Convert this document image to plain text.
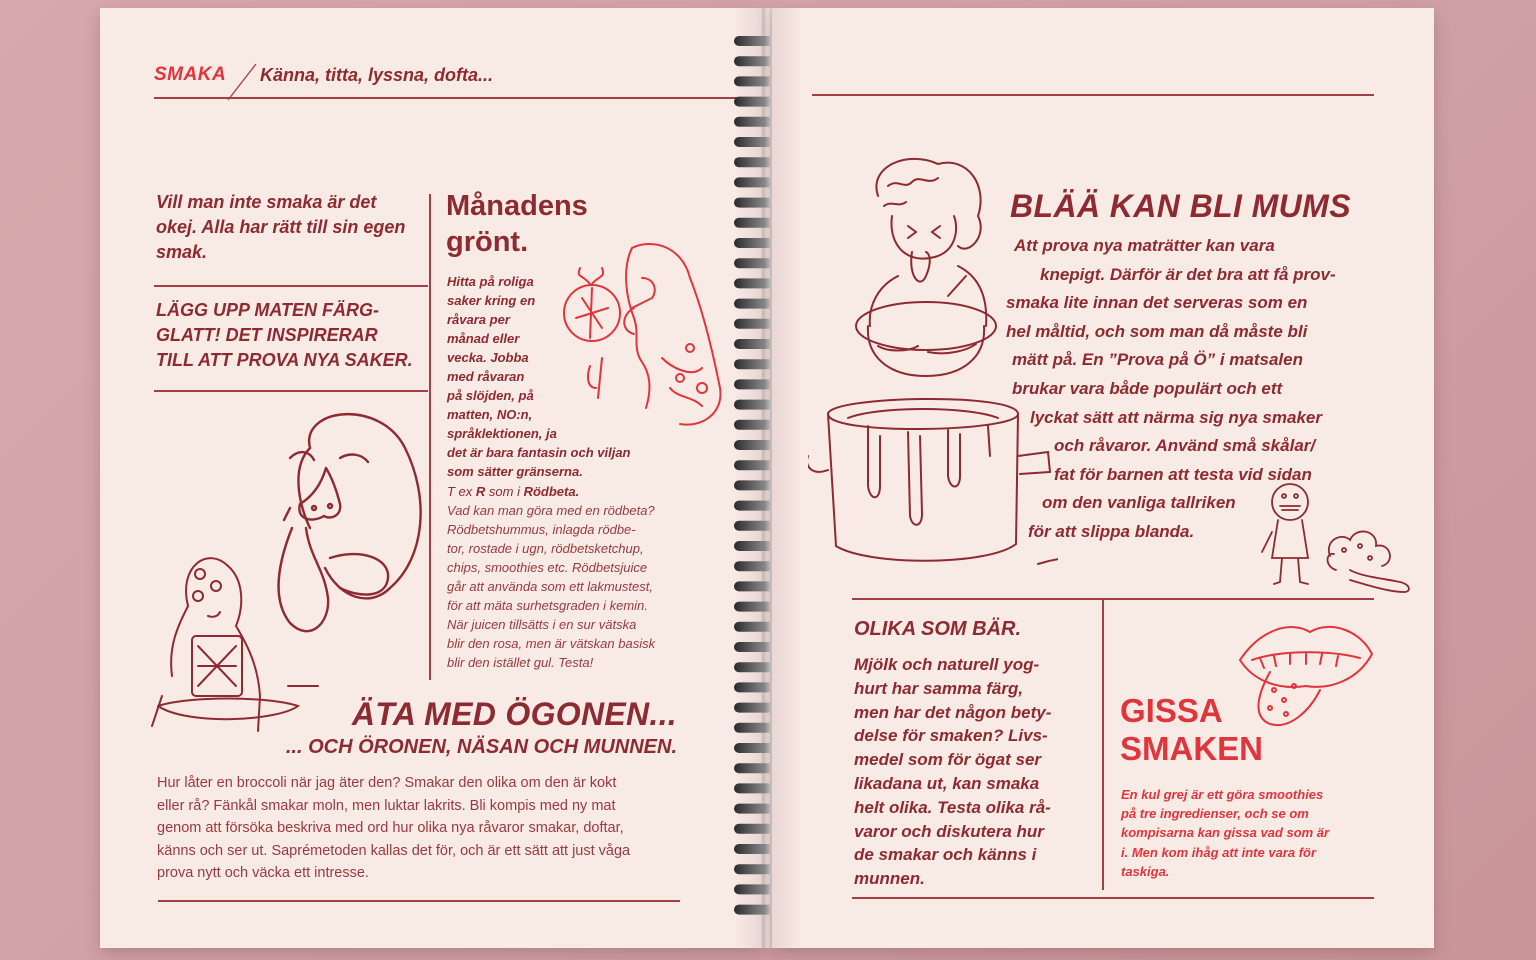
SMAKA Känna, titta, lyssna, dofta...
Vill man inte smaka är det okej. Alla har rätt till sin egen smak.
LÄGG UPP MATEN FÄRG-
GLATT! DET INSPIRERAR
TILL ATT PROVA NYA SAKER.
Månadens
grönt.
Hitta på roliga
saker kring en
råvara per
månad eller
vecka. Jobba
med råvaran
på slöjden, på
matten, NO:n,
språklektionen, ja
det är bara fantasin och viljan
som sätter gränserna.
T ex R som i Rödbeta.
Vad kan man göra med en rödbeta?
Rödbetshummus, inlagda rödbe-
tor, rostade i ugn, rödbetsketchup,
chips, smoothies etc. Rödbetsjuice
går att använda som ett lakmustest,
för att mäta surhetsgraden i kemin.
När juicen tillsätts i en sur vätska
blir den rosa, men är vätskan basisk
blir den istället gul. Testa!
ÄTA MED ÖGONEN...
... OCH ÖRONEN, NÄSAN OCH MUNNEN.
Hur låter en broccoli när jag äter den? Smakar den olika om den är kokt
eller rå? Fänkål smakar moln, men luktar lakrits. Bli kompis med ny mat
genom att försöka beskriva med ord hur olika nya råvaror smakar, doftar,
känns och ser ut. Saprémetoden kallas det för, och är ett sätt att just våga
prova nytt och väcka ett intresse.
BLÄÄ KAN BLI MUMS
Att prova nya maträtter kan vara
knepigt. Därför är det bra att få prov-
smaka lite innan det serveras som en
hel måltid, och som man då måste bli
mätt på. En ”Prova på Ö” i matsalen
brukar vara både populärt och ett
lyckat sätt att närma sig nya smaker
och råvaror. Använd små skålar/
fat för barnen att testa vid sidan
om den vanliga tallriken
för att slippa blanda.
OLIKA SOM BÄR.
Mjölk och naturell yog-
hurt har samma färg,
men har det någon bety-
delse för smaken? Livs-
medel som för ögat ser
likadana ut, kan smaka
helt olika. Testa olika rå-
varor och diskutera hur
de smakar och känns i
munnen.
GISSA
SMAKEN
En kul grej är ett göra smoothies
på tre ingredienser, och se om
kompisarna kan gissa vad som är
i. Men kom ihåg att inte vara för
taskiga.
